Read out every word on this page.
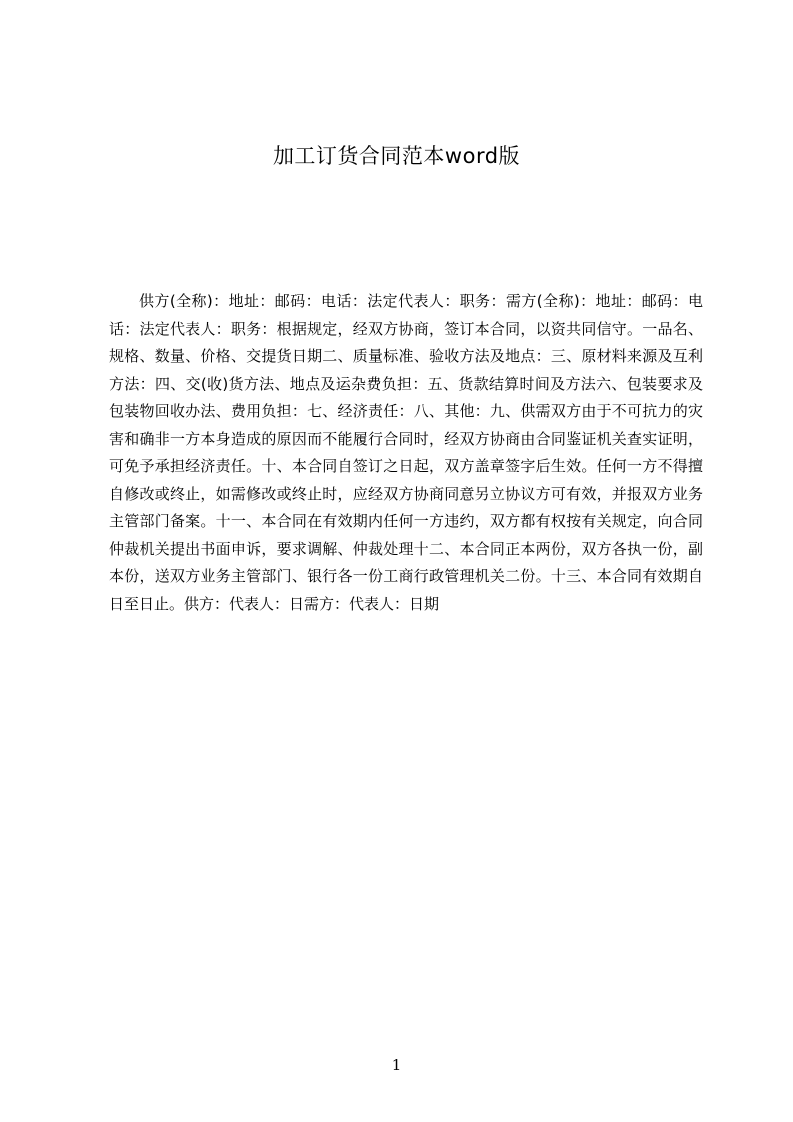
加工订货合同范本word版

供方(全称)：地址：邮码：电话：法定代表人：职务：需方(全称)：地址：邮码：电话：法定代表人：职务：根据规定，经双方协商，签订本合同，以资共同信守。一品名、规格、数量、价格、交提货日期二、质量标准、验收方法及地点：三、原材料来源及互利方法：四、交(收)货方法、地点及运杂费负担：五、货款结算时间及方法六、包装要求及包装物回收办法、费用负担：七、经济责任：八、其他：九、供需双方由于不可抗力的灾害和确非一方本身造成的原因而不能履行合同时，经双方协商由合同鉴证机关查实证明，可免予承担经济责任。十、本合同自签订之日起，双方盖章签字后生效。任何一方不得擅自修改或终止，如需修改或终止时，应经双方协商同意另立协议方可有效，并报双方业务主管部门备案。十一、本合同在有效期内任何一方违约，双方都有权按有关规定，向合同仲裁机关提出书面申诉，要求调解、仲裁处理十二、本合同正本两份，双方各执一份，副本份，送双方业务主管部门、银行各一份工商行政管理机关二份。十三、本合同有效期自 日至日止。供方：代表人：日需方：代表人：日期

1
